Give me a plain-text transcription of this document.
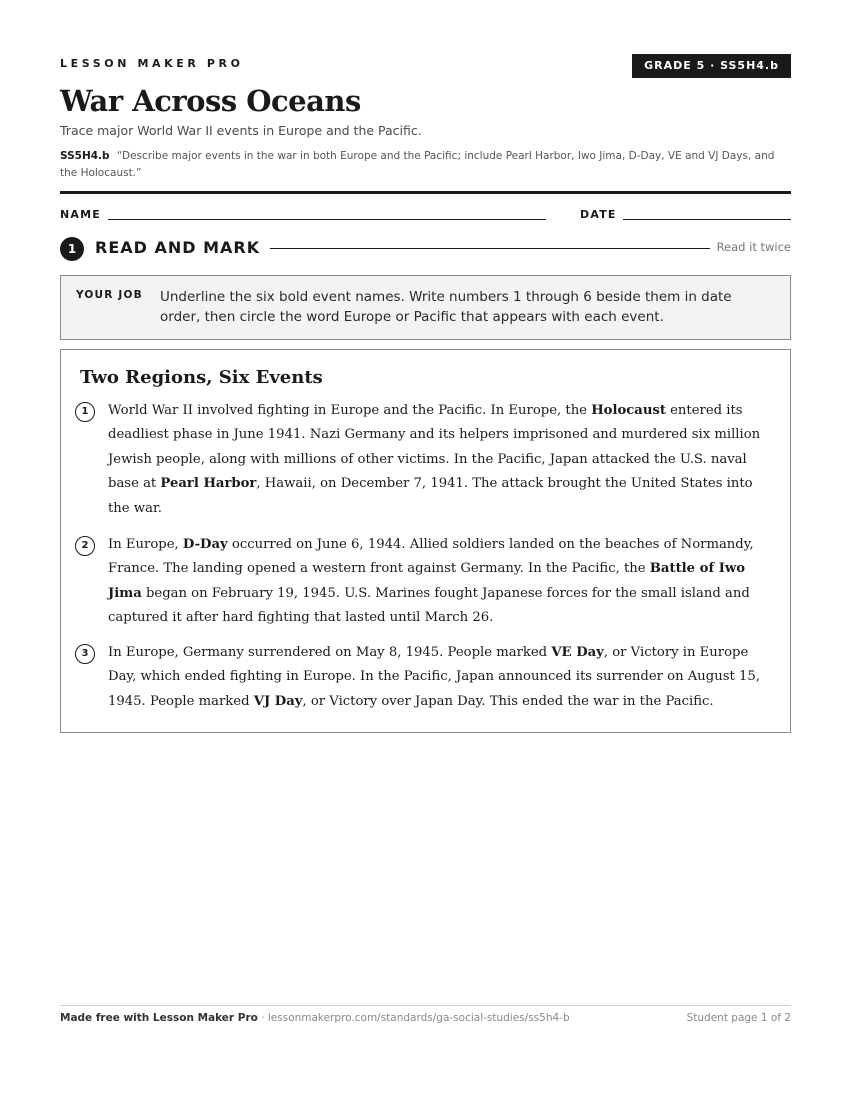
LESSON MAKER PRO	GRADE 5 · SS5H4.b
War Across Oceans
Trace major World War II events in Europe and the Pacific.
SS5H4.b “Describe major events in the war in both Europe and the Pacific; include Pearl Harbor, Iwo Jima, D-Day, VE and VJ Days, and the Holocaust.”
NAME	DATE
1	READ AND MARK	Read it twice
YOUR JOB Underline the six bold event names. Write numbers 1 through 6 beside them in date order, then circle the word Europe or Pacific that appears with each event.
Two Regions, Six Events
1	World War II involved fighting in Europe and the Pacific. In Europe, the Holocaust entered its deadliest phase in June 1941. Nazi Germany and its helpers imprisoned and murdered six million Jewish people, along with millions of other victims. In the Pacific, Japan attacked the U.S. naval base at Pearl Harbor, Hawaii, on December 7, 1941. The attack brought the United States into the war.

2	In Europe, D-Day occurred on June 6, 1944. Allied soldiers landed on the beaches of Normandy, France. The landing opened a western front against Germany. In the Pacific, the Battle of Iwo Jima began on February 19, 1945. U.S. Marines fought Japanese forces for the small island and captured it after hard fighting that lasted until March 26.

3	In Europe, Germany surrendered on May 8, 1945. People marked VE Day, or Victory in Europe Day, which ended fighting in Europe. In the Pacific, Japan announced its surrender on August 15, 1945. People marked VJ Day, or Victory over Japan Day. This ended the war in the Pacific.

Made free with Lesson Maker Pro · lessonmakerpro.com/standards/ga-social-studies/ss5h4-b	Student page 1 of 2
